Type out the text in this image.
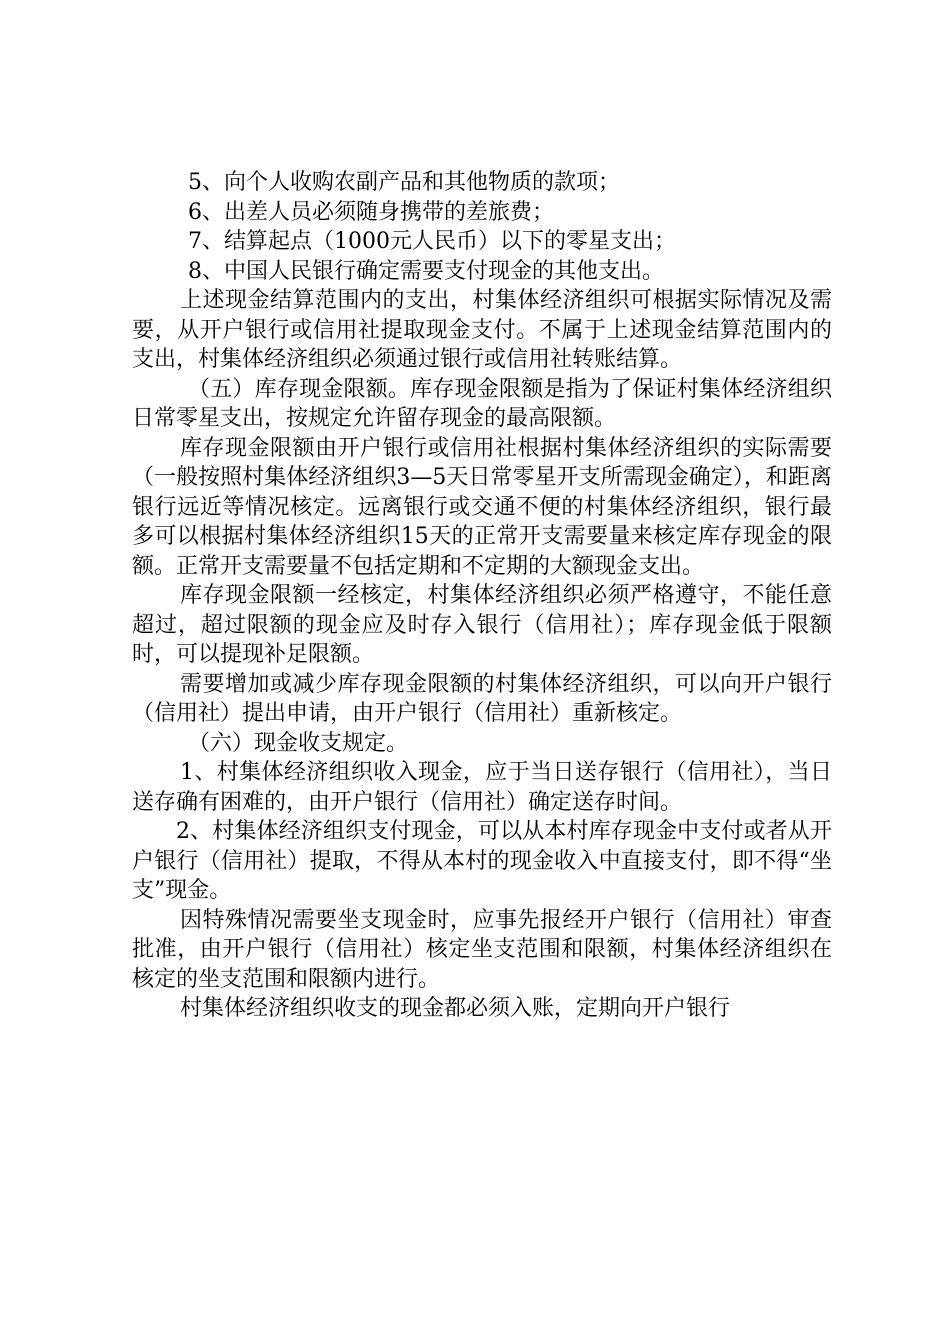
5、向个人收购农副产品和其他物质的款项；

6、出差人员必须随身携带的差旅费；

7、结算起点（1000元人民币）以下的零星支出；

8、中国人民银行确定需要支付现金的其他支出。

上述现金结算范围内的支出，村集体经济组织可根据实际情况及需要，从开户银行或信用社提取现金支付。不属于上述现金结算范围内的支出，村集体经济组织必须通过银行或信用社转账结算。

（五）库存现金限额。库存现金限额是指为了保证村集体经济组织日常零星支出，按规定允许留存现金的最高限额。

库存现金限额由开户银行或信用社根据村集体经济组织的实际需要（一般按照村集体经济组织3—5天日常零星开支所需现金确定），和距离银行远近等情况核定。远离银行或交通不便的村集体经济组织，银行最多可以根据村集体经济组织15天的正常开支需要量来核定库存现金的限额。正常开支需要量不包括定期和不定期的大额现金支出。

库存现金限额一经核定，村集体经济组织必须严格遵守，不能任意超过，超过限额的现金应及时存入银行（信用社）；库存现金低于限额时，可以提现补足限额。

需要增加或减少库存现金限额的村集体经济组织，可以向开户银行（信用社）提出申请，由开户银行（信用社）重新核定。

（六）现金收支规定。

1、村集体经济组织收入现金，应于当日送存银行（信用社），当日送存确有困难的，由开户银行（信用社）确定送存时间。

2、村集体经济组织支付现金，可以从本村库存现金中支付或者从开户银行（信用社）提取，不得从本村的现金收入中直接支付，即不得“坐支”现金。

因特殊情况需要坐支现金时，应事先报经开户银行（信用社）审查批准，由开户银行（信用社）核定坐支范围和限额，村集体经济组织在核定的坐支范围和限额内进行。

村集体经济组织收支的现金都必须入账，定期向开户银行
